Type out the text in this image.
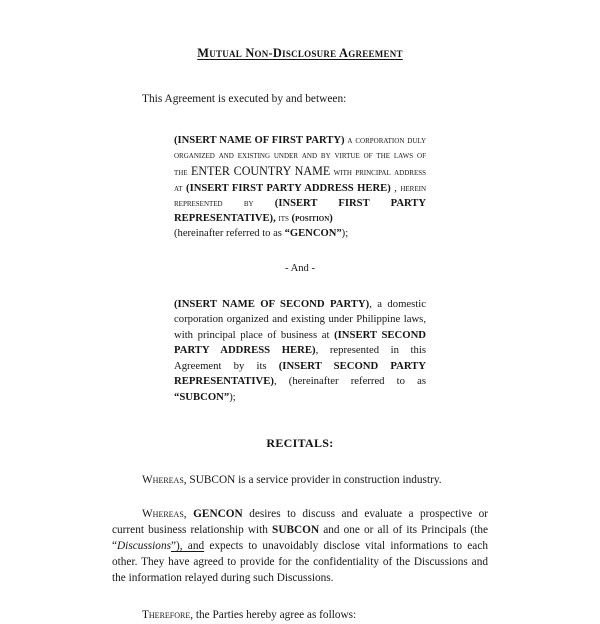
Mutual Non-Disclosure Agreement

This Agreement is executed by and between:

(INSERT NAME OF FIRST PARTY) a corporation duly organized and existing under and by virtue of the laws of the ENTER COUNTRY NAME with principal address at (INSERT FIRST PARTY ADDRESS HERE) , herein represented by (INSERT FIRST PARTY REPRESENTATIVE), its (position)
(hereinafter referred to as “GENCON”);

- And -

(INSERT NAME OF SECOND PARTY), a domestic corporation organized and existing under Philippine laws, with principal place of business at (INSERT SECOND PARTY ADDRESS HERE), represented in this Agreement by its (INSERT SECOND PARTY REPRESENTATIVE), (hereinafter referred to as “SUBCON”);

RECITALS:

Whereas, SUBCON is a service provider in construction industry.

Whereas, GENCON desires to discuss and evaluate a prospective or current business relationship with SUBCON and one or all of its Principals (the “Discussions”), and expects to unavoidably disclose vital informations to each other. They have agreed to provide for the confidentiality of the Discussions and the information relayed during such Discussions.

Therefore, the Parties hereby agree as follows:
